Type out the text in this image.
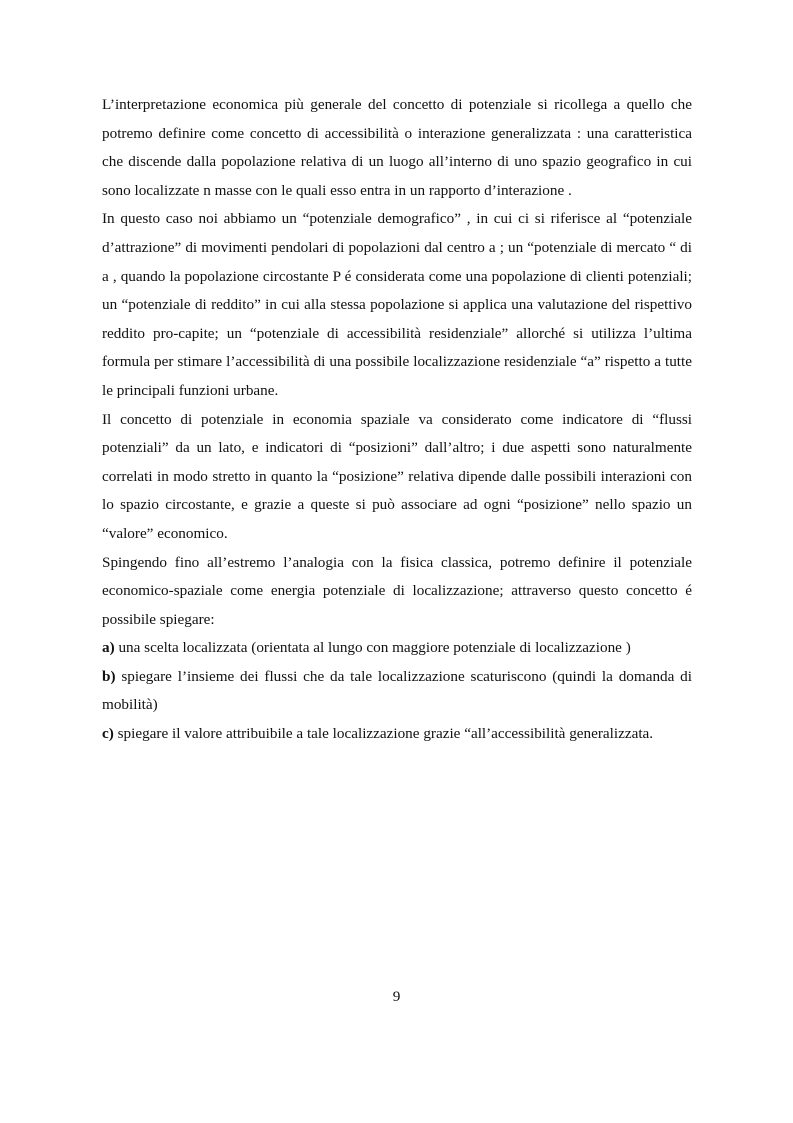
L’interpretazione economica più generale del concetto di potenziale si ricollega a quello che potremo definire come concetto di accessibilità o interazione generalizzata : una caratteristica che discende dalla popolazione relativa di un luogo all’interno di uno spazio geografico in cui sono localizzate n masse con le quali esso entra in un rapporto d’interazione .

In questo caso noi abbiamo un “potenziale demografico” , in cui ci si riferisce al “potenziale d’attrazione” di movimenti pendolari di popolazioni dal centro a ; un “potenziale di mercato “ di a , quando la popolazione circostante P é considerata come una popolazione di clienti potenziali; un “potenziale di reddito” in cui alla stessa popolazione si applica una valutazione del rispettivo reddito pro-capite; un “potenziale di accessibilità residenziale” allorché si utilizza l’ultima formula per stimare l’accessibilità di una possibile localizzazione residenziale “a” rispetto a tutte le principali funzioni urbane.

Il concetto di potenziale in economia spaziale va considerato come indicatore di “flussi potenziali” da un lato, e indicatori di “posizioni” dall’altro; i due aspetti sono naturalmente correlati in modo stretto in quanto la “posizione” relativa dipende dalle possibili interazioni con lo spazio circostante, e grazie a queste si può associare ad ogni “posizione” nello spazio un “valore” economico.

Spingendo fino all’estremo l’analogia con la fisica classica, potremo definire il potenziale economico-spaziale come energia potenziale di localizzazione; attraverso questo concetto é possibile spiegare:

a) una scelta localizzata (orientata al lungo con maggiore potenziale di localizzazione )

b) spiegare l’insieme dei flussi che da tale localizzazione scaturiscono (quindi la domanda di mobilità)

c) spiegare il valore attribuibile a tale localizzazione grazie “all’accessibilità generalizzata.

9
